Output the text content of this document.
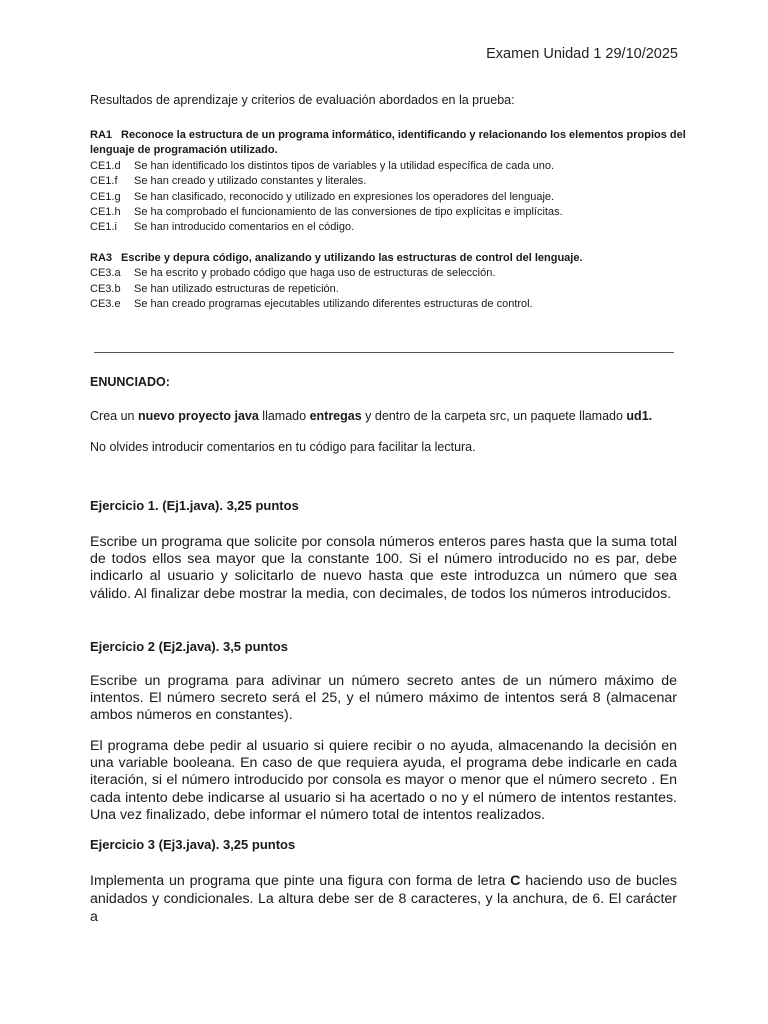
Examen Unidad 1 29/10/2025
Resultados de aprendizaje y criterios de evaluación abordados en la prueba:
RA1 Reconoce la estructura de un programa informático, identificando y relacionando los elementos propios del lenguaje de programación utilizado.
CE1.d Se han identificado los distintos tipos de variables y la utilidad específica de cada uno.
CE1.f Se han creado y utilizado constantes y literales.
CE1.g Se han clasificado, reconocido y utilizado en expresiones los operadores del lenguaje.
CE1.h Se ha comprobado el funcionamiento de las conversiones de tipo explícitas e implícitas.
CE1.i Se han introducido comentarios en el código.
RA3 Escribe y depura código, analizando y utilizando las estructuras de control del lenguaje.
CE3.a Se ha escrito y probado código que haga uso de estructuras de selección.
CE3.b Se han utilizado estructuras de repetición.
CE3.e Se han creado programas ejecutables utilizando diferentes estructuras de control.
ENUNCIADO:
Crea un nuevo proyecto java llamado entregas y dentro de la carpeta src, un paquete llamado ud1.
No olvides introducir comentarios en tu código para facilitar la lectura.
Ejercicio 1. (Ej1.java). 3,25 puntos
Escribe un programa que solicite por consola números enteros pares hasta que la suma total de todos ellos sea mayor que la constante 100. Si el número introducido no es par, debe indicarlo al usuario y solicitarlo de nuevo hasta que este introduzca un número que sea válido. Al finalizar debe mostrar la media, con decimales, de todos los números introducidos.
Ejercicio 2 (Ej2.java). 3,5 puntos
Escribe un programa para adivinar un número secreto antes de un número máximo de intentos. El número secreto será el 25, y el número máximo de intentos será 8 (almacenar ambos números en constantes).
El programa debe pedir al usuario si quiere recibir o no ayuda, almacenando la decisión en una variable booleana. En caso de que requiera ayuda, el programa debe indicarle en cada iteración, si el número introducido por consola es mayor o menor que el número secreto . En cada intento debe indicarse al usuario si ha acertado o no y el número de intentos restantes. Una vez finalizado, debe informar el número total de intentos realizados.
Ejercicio 3 (Ej3.java). 3,25 puntos
Implementa un programa que pinte una figura con forma de letra C haciendo uso de bucles anidados y condicionales. La altura debe ser de 8 caracteres, y la anchura, de 6. El carácter a
